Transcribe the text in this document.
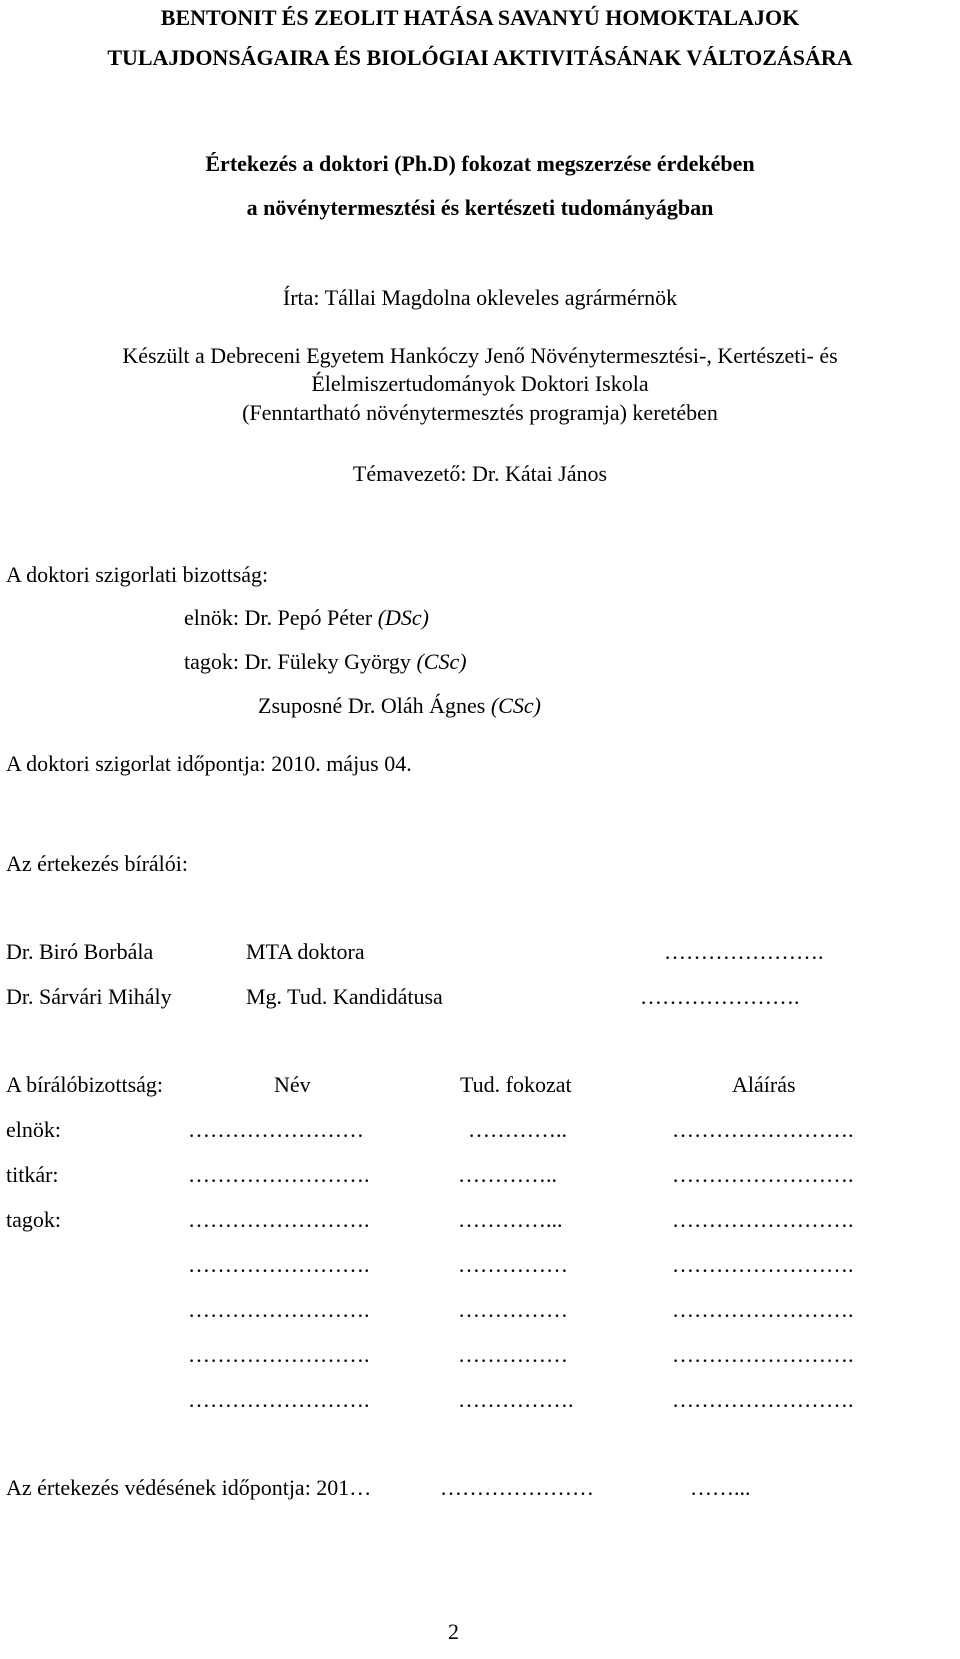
BENTONIT ÉS ZEOLIT HATÁSA SAVANYÚ HOMOKTALAJOK
TULAJDONSÁGAIRA ÉS BIOLÓGIAI AKTIVITÁSÁNAK VÁLTOZÁSÁRA
Értekezés a doktori (Ph.D) fokozat megszerzése érdekében
a növénytermesztési és kertészeti tudományágban
Írta: Tállai Magdolna okleveles agrármérnök
Készült a Debreceni Egyetem Hankóczy Jenő Növénytermesztési-, Kertészeti- és
Élelmiszertudományok Doktori Iskola
(Fenntartható növénytermesztés programja) keretében
Témavezető: Dr. Kátai János
A doktori szigorlati bizottság:
elnök: Dr. Pepó Péter (DSc)
tagok: Dr. Füleky György (CSc)
Zsuposné Dr. Oláh Ágnes (CSc)
A doktori szigorlat időpontja: 2010. május 04.
Az értekezés bírálói:
Dr. Biró Borbála	MTA doktora	………………….
Dr. Sárvári Mihály	Mg. Tud. Kandidátusa	………………….
A bírálóbizottság:	Név	Tud. fokozat	Aláírás
elnök:	……………………	…………..	…………………….
titkár:	…………………….	…………..	…………………….
tagok:	…………………….	…………...	…………………….
…………………….	……………	…………………….
…………………….	……………	…………………….
…………………….	……………	…………………….
…………………….	…………….	…………………….
Az értekezés védésének időpontja: 201…	…………………	……...
2
